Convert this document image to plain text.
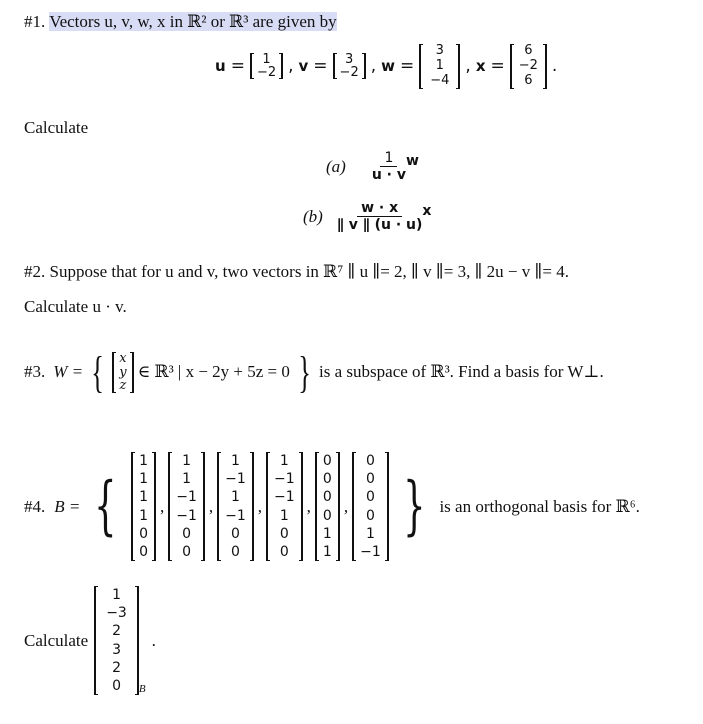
#1. Vectors u, v, w, x in ℝ² or ℝ³ are given by
u = 1
−2 , v = 3
−2 , w =
3
1
−4
, x =
6
−2
6
.
Calculate
$(a) \frac{1}{u \cdot v}$ w
$(b) \frac{w \cdot x}{\parallel v \parallel (u \cdot u)}$ x
#2. Suppose that for u and v, two vectors in ℝ⁷ ∥ u ∥= 2, ∥ v ∥= 3, ∥ 2u − v ∥= 4.
Calculate u · v.
#3. W = { x
y
z
∈ ℝ³ | x − 2y + 5z = 0 } is a subspace of ℝ³. Find a basis for W⊥.
#4. B = {
1
1
1
1
0
0
,
1
1
−1
−1
0
0
,
1
−1
1
−1
0
0
,
1
−1
−1
1
0
0
,
0
0
0
0
1
1
,
0
0
0
0
1
−1
} is an orthogonal basis for ℝ⁶.
Calculate
1
−3
2
3
2
0 B
.
